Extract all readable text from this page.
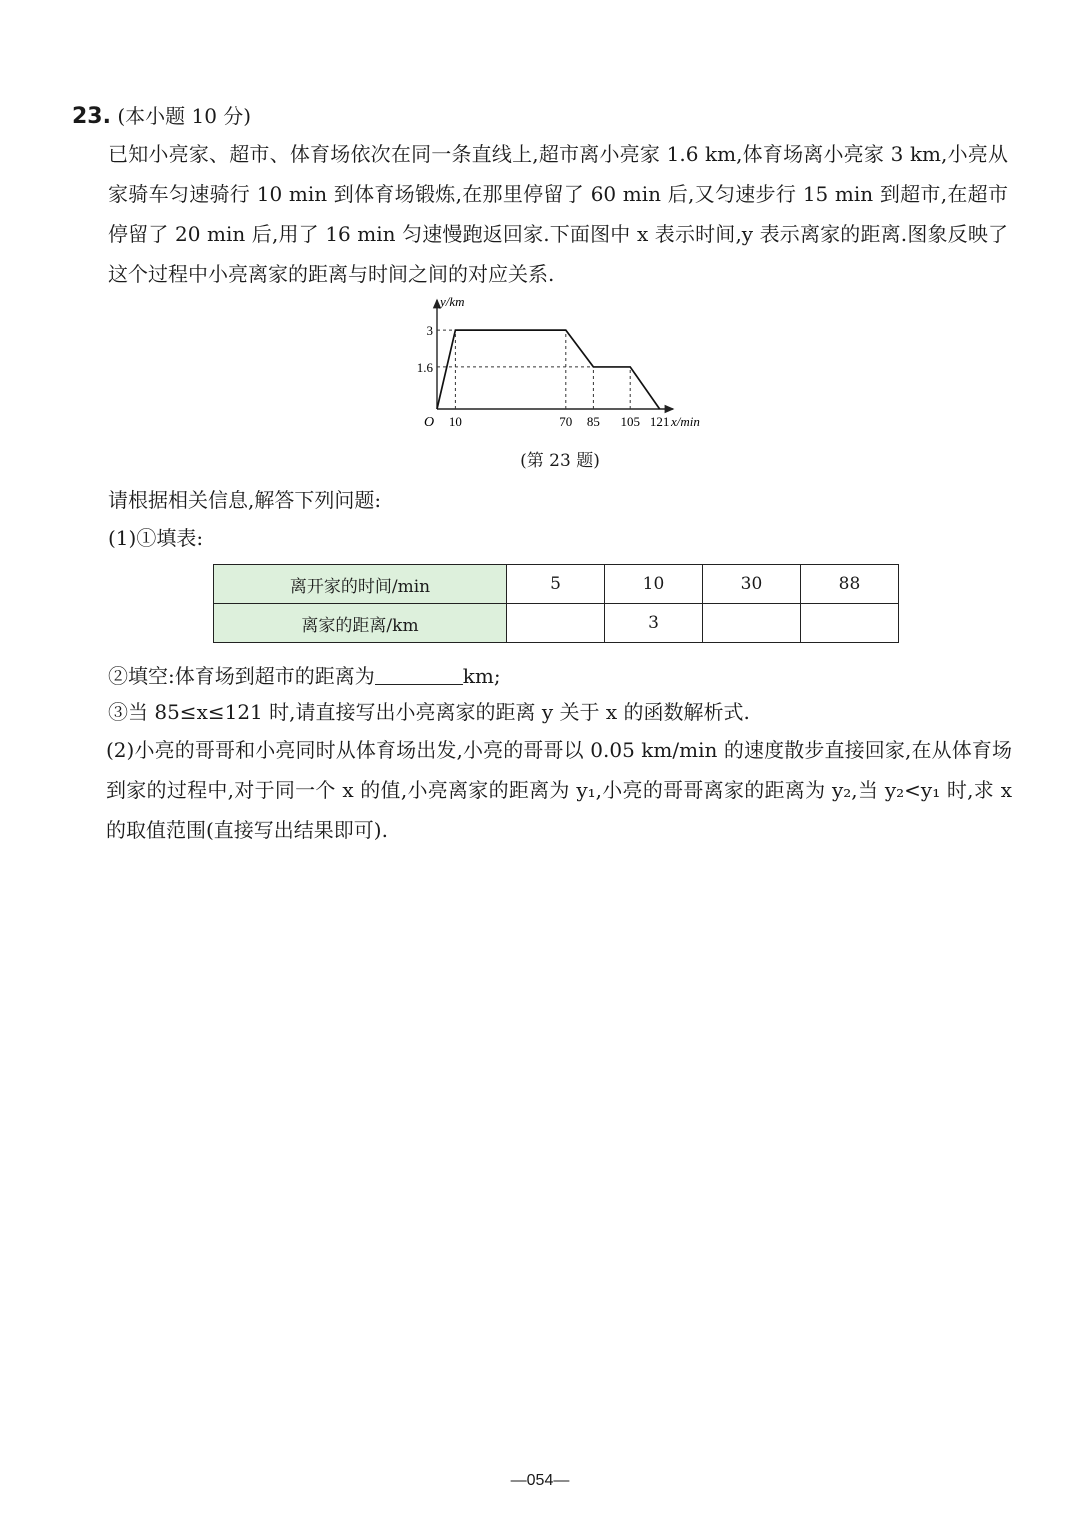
23. (本小题 10 分)
已知小亮家、超市、体育场依次在同一条直线上,超市离小亮家 1.6 km,体育场离小亮家 3 km,小亮从家骑车匀速骑行 10 min 到体育场锻炼,在那里停留了 60 min 后,又匀速步行 15 min 到超市,在超市停留了 20 min 后,用了 16 min 匀速慢跑返回家.下面图中 x 表示时间,y 表示离家的距离.图象反映了这个过程中小亮离家的距离与时间之间的对应关系.
y/km
x/min
O 10	70 85 105 121
1.6
3
(第 23 题)
请根据相关信息,解答下列问题:
(1)①填表:
离开家的时间/min	5	10	30	88
离家的距离/km		3		
②填空:体育场到超市的距离为	km;
③当 85≤x≤121 时,请直接写出小亮离家的距离 y 关于 x 的函数解析式.
(2)小亮的哥哥和小亮同时从体育场出发,小亮的哥哥以 0.05 km/min 的速度散步直接回家,在从体育场到家的过程中,对于同一个 x 的值,小亮离家的距离为 y₁,小亮的哥哥离家的距离为 y₂,当 y₂<y₁ 时,求 x 的取值范围(直接写出结果即可).
—054—
